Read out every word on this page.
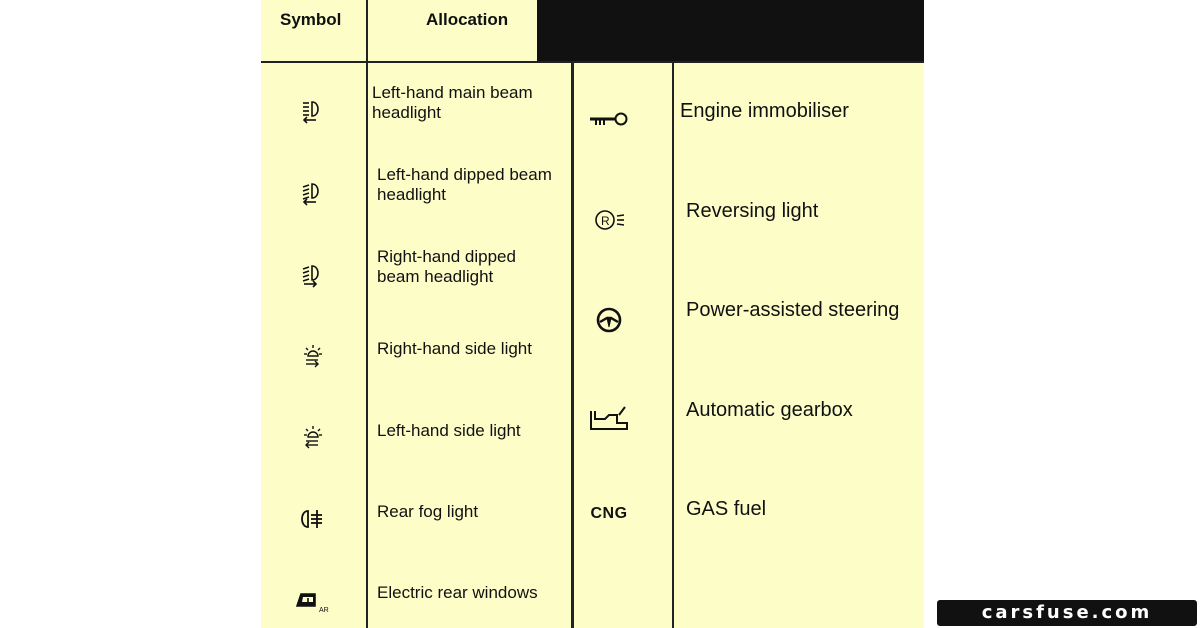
Symbol	Allocation
AR
Left-hand main beam
headlight
Left-hand dipped beam
headlight
Right-hand dipped
beam headlight
Right-hand side light
Left-hand side light
Rear fog light
Electric rear windows
R
CNG
Engine immobiliser
Reversing light
Power-assisted steering
Automatic gearbox
GAS fuel
carsfuse.com
